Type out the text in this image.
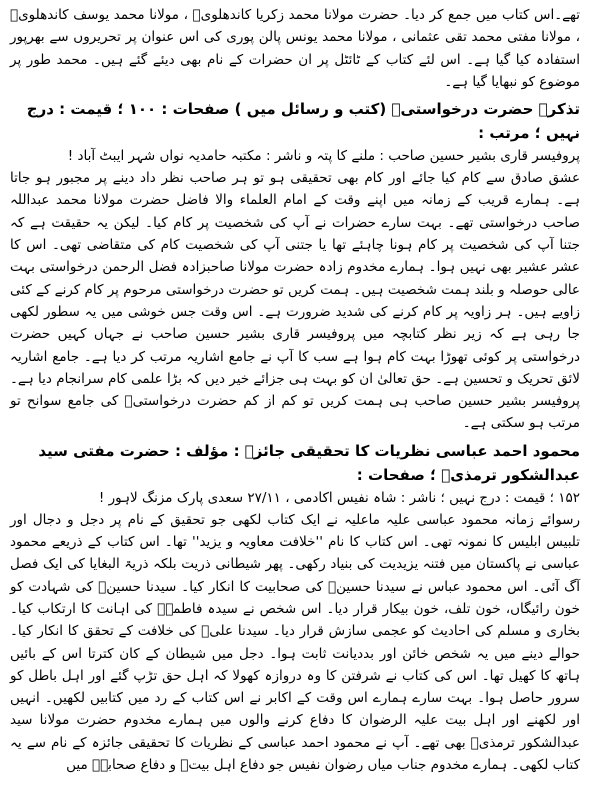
تھے۔اس کتاب میں جمع کر دیا۔ حضرت مولانا محمد زکریا کاندھلویؒ ، مولانا محمد یوسف کاندھلویؒ ، مولانا مفتی محمد تقی عثمانی ، مولانا محمد یونس پالن پوری کی اس عنوان پر تحریروں سے بھرپور استفادہ کیا گیا ہے۔ اس لئے کتاب کے ٹائٹل پر ان حضرات کے نام بھی دیئے گئے ہیں۔ محمد طور پر موضوع کو نبھایا گیا ہے۔

تذکرہ حضرت درخواستیؒ (کتب و رسائل میں ) صفحات : ۱۰۰ ؛ قیمت : درج نہیں ؛ مرتب :

پروفیسر قاری بشیر حسین صاحب : ملنے کا پتہ و ناشر : مکتبہ حامدیہ نواں شہر ایبٹ آباد !

عشق صادق سے کام کیا جائے اور کام بھی تحقیقی ہو تو ہر صاحب نظر داد دینے پر مجبور ہو جاتا ہے۔ ہمارے قریب کے زمانہ میں اپنے وقت کے امام العلماء والا فاضل حضرت مولانا محمد عبداللہ صاحب درخواستی تھے۔ بہت سارے حضرات نے آپ کی شخصیت پر کام کیا۔ لیکن یہ حقیقت ہے کہ جتنا آپ کی شخصیت پر کام ہونا چاہئے تھا یا جتنی آپ کی شخصیت کام کی متقاضی تھی۔ اس کا عشر عشیر بھی نہیں ہوا۔ ہمارے مخدوم زادہ حضرت مولانا صاحبزادہ فضل الرحمن درخواستی بہت عالی حوصلہ و بلند ہمت شخصیت ہیں۔ ہمت کریں تو حضرت درخواستی مرحوم پر کام کرنے کے کئی زاویے ہیں۔ ہر زاویہ پر کام کرنے کی شدید ضرورت ہے۔ اس وقت جس خوشی میں یہ سطور لکھی جا رہی ہے کہ زیر نظر کتابچہ میں پروفیسر قاری بشیر حسین صاحب نے جہاں کہیں حضرت درخواستی پر کوئی تھوڑا بہت کام ہوا ہے سب کا آپ نے جامع اشاریہ مرتب کر دیا ہے۔ جامع اشاریہ لائق تحریک و تحسین ہے۔ حق تعالیٰ ان کو بہت ہی جزائے خیر دیں کہ بڑا علمی کام سرانجام دیا ہے۔ پروفیسر بشیر حسین صاحب ہی ہمت کریں تو کم از کم حضرت درخواستیؒ کی جامع سوانح تو مرتب ہو سکتی ہے۔

محمود احمد عباسی نظریات کا تحقیقی جائزہ : مؤلف : حضرت مفتی سید عبدالشکور ترمذیؒ ؛ صفحات :

۱۵۲ ؛ قیمت : درج نہیں ؛ ناشر : شاہ نفیس اکادمی ، ۲۷/۱۱ سعدی پارک مزنگ لاہور !

رسوائے زمانہ محمود عباسی علیہ ماعلیہ نے ایک کتاب لکھی جو تحقیق کے نام پر دجل و دجال اور تلبیس ابلیس کا نمونہ تھی۔ اس کتاب کا نام ''خلافت معاویہ و یزید'' تھا۔ اس کتاب کے ذریعے محمود عباسی نے پاکستان میں فتنہ یزیدیت کی بنیاد رکھی۔ پھر شیطانی ذریت بلکہ ذریۃ البغایا کی ایک فصل آگ آئی۔ اس محمود عباس نے سیدنا حسینؓ کی صحابیت کا انکار کیا۔ سیدنا حسینؓ کی شہادت کو خون رائیگاں، خون تلف، خون بیکار قرار دیا۔ اس شخص نے سیدہ فاطمہؓ کی اہانت کا ارتکاب کیا۔ بخاری و مسلم کی احادیث کو عجمی سازش قرار دیا۔ سیدنا علیؓ کی خلافت کے تحقق کا انکار کیا۔ حوالے دینے میں یہ شخص خائن اور بددیانت ثابت ہوا۔ دجل میں شیطان کے کان کترتا اس کے بائیں ہاتھ کا کھیل تھا۔ اس کی کتاب نے شرفتن کا وہ دروازہ کھولا کہ اہل حق تڑپ گئے اور اہل باطل کو سرور حاصل ہوا۔ بہت سارے ہمارے اس وقت کے اکابر نے اس کتاب کے رد میں کتابیں لکھیں۔ انہیں اور لکھنے اور اہل بیت علیہ الرضوان کا دفاع کرنے والوں میں ہمارے مخدوم حضرت مولانا سید عبدالشکور ترمذیؒ بھی تھے۔ آپ نے محمود احمد عباسی کے نظریات کا تحقیقی جائزہ کے نام سے یہ کتاب لکھی۔ ہمارے مخدوم جناب میاں رضوان نفیس جو دفاع اہل بیتؓ و دفاع صحابہؓ میں
